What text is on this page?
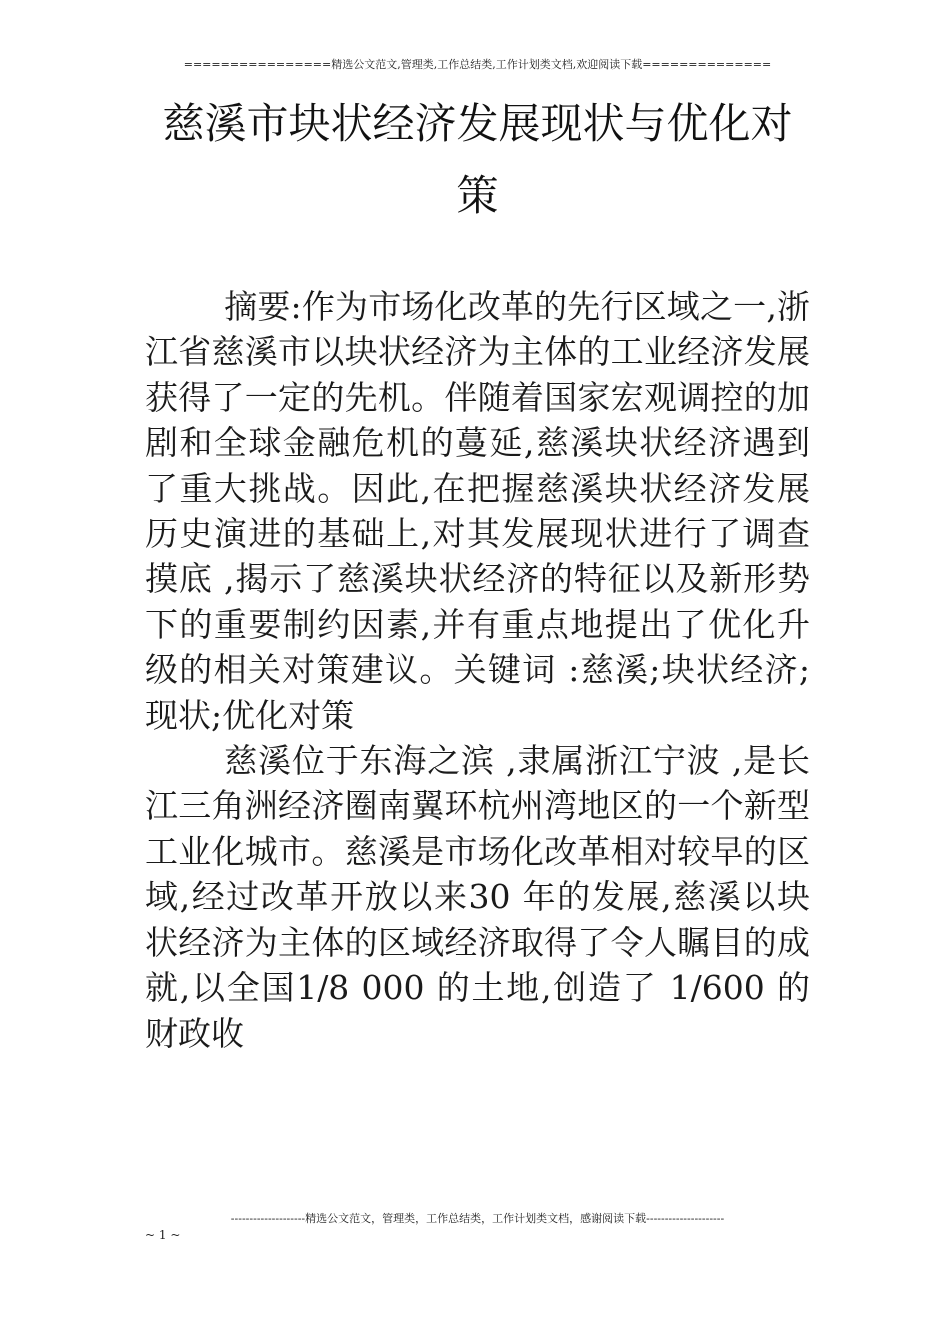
================精选公文范文,管理类,工作总结类,工作计划类文档,欢迎阅读下载==============
慈溪市块状经济发展现状与优化对策

摘要:作为市场化改革的先行区域之一,浙江省慈溪市以块状经济为主体的工业经济发展获得了一定的先机。伴随着国家宏观调控的加剧和全球金融危机的蔓延,慈溪块状经济遇到了重大挑战。因此,在把握慈溪块状经济发展历史演进的基础上,对其发展现状进行了调查摸底 ,揭示了慈溪块状经济的特征以及新形势下的重要制约因素,并有重点地提出了优化升级的相关对策建议。关键词 :慈溪;块状经济;现状;优化对策

慈溪位于东海之滨 ,隶属浙江宁波 ,是长江三角洲经济圈南翼环杭州湾地区的一个新型工业化城市。慈溪是市场化改革相对较早的区域,经过改革开放以来30 年的发展,慈溪以块状经济为主体的区域经济取得了令人瞩目的成就,以全国1/8 000 的土地,创造了 1/600 的财政收

--------------------精选公文范文，管理类，工作总结类，工作计划类文档，感谢阅读下载---------------------
~ 1 ~
